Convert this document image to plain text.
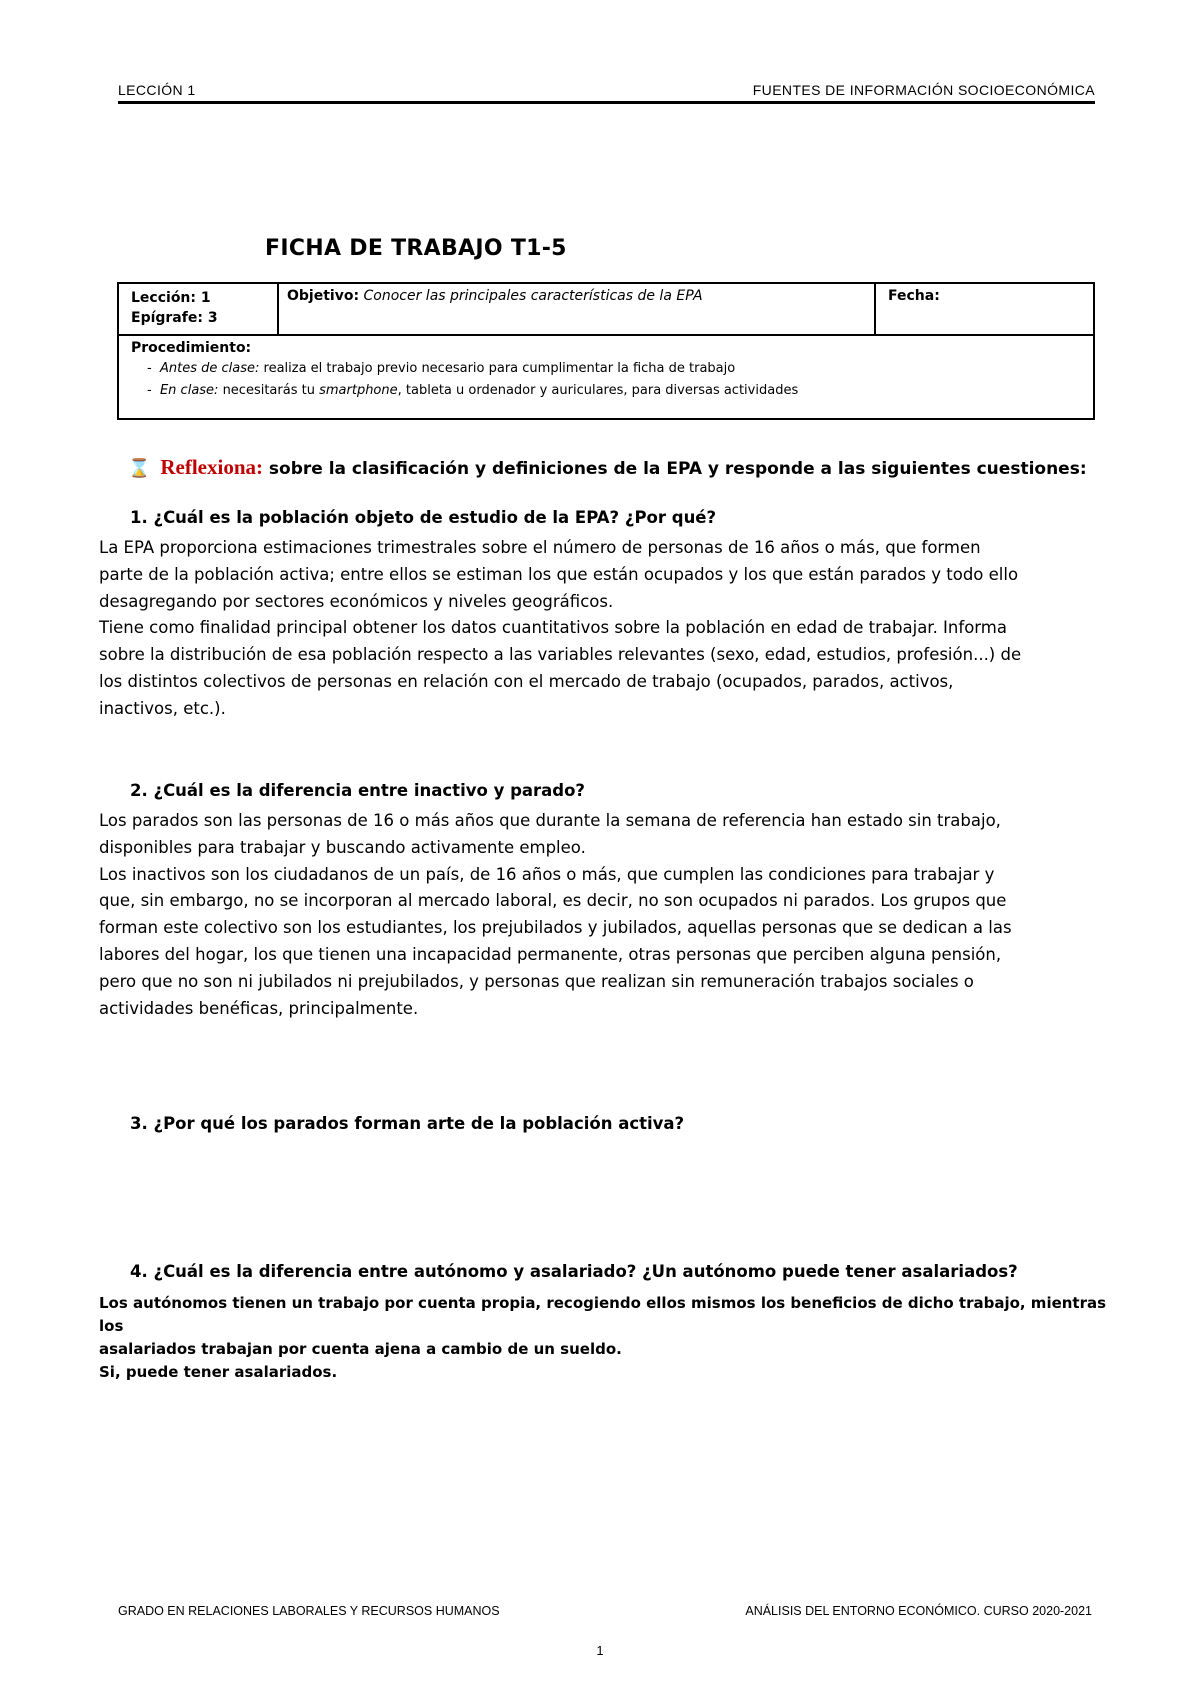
LECCIÓN 1	FUENTES DE INFORMACIÓN SOCIOECONÓMICA
FICHA DE TRABAJO T1-5
Lección: 1
Epígrafe: 3
Objetivo: Conocer las principales características de la EPA	Fecha:
Procedimiento:
- Antes de clase: realiza el trabajo previo necesario para cumplimentar la ficha de trabajo
- En clase: necesitarás tu smartphone, tableta u ordenador y auriculares, para diversas actividades
⌛ Reflexiona: sobre la clasificación y definiciones de la EPA y responde a las siguientes cuestiones:
1. ¿Cuál es la población objeto de estudio de la EPA? ¿Por qué?

La EPA proporciona estimaciones trimestrales sobre el número de personas de 16 años o más, que formen

parte de la población activa; entre ellos se estiman los que están ocupados y los que están parados y todo ello

desagregando por sectores económicos y niveles geográficos.

Tiene como finalidad principal obtener los datos cuantitativos sobre la población en edad de trabajar. Informa

sobre la distribución de esa población respecto a las variables relevantes (sexo, edad, estudios, profesión...) de

los distintos colectivos de personas en relación con el mercado de trabajo (ocupados, parados, activos,

inactivos, etc.).

2. ¿Cuál es la diferencia entre inactivo y parado?

Los parados son las personas de 16 o más años que durante la semana de referencia han estado sin trabajo,

disponibles para trabajar y buscando activamente empleo.

Los inactivos son los ciudadanos de un país, de 16 años o más, que cumplen las condiciones para trabajar y

que, sin embargo, no se incorporan al mercado laboral, es decir, no son ocupados ni parados. Los grupos que

forman este colectivo son los estudiantes, los prejubilados y jubilados, aquellas personas que se dedican a las

labores del hogar, los que tienen una incapacidad permanente, otras personas que perciben alguna pensión,

pero que no son ni jubilados ni prejubilados, y personas que realizan sin remuneración trabajos sociales o

actividades benéficas, principalmente.

3. ¿Por qué los parados forman arte de la población activa?
4. ¿Cuál es la diferencia entre autónomo y asalariado? ¿Un autónomo puede tener asalariados?

Los autónomos tienen un trabajo por cuenta propia, recogiendo ellos mismos los beneficios de dicho trabajo, mientras los

asalariados trabajan por cuenta ajena a cambio de un sueldo.

Si, puede tener asalariados.

GRADO EN RELACIONES LABORALES Y RECURSOS HUMANOS	ANÁLISIS DEL ENTORNO ECONÓMICO. CURSO 2020-2021
1
